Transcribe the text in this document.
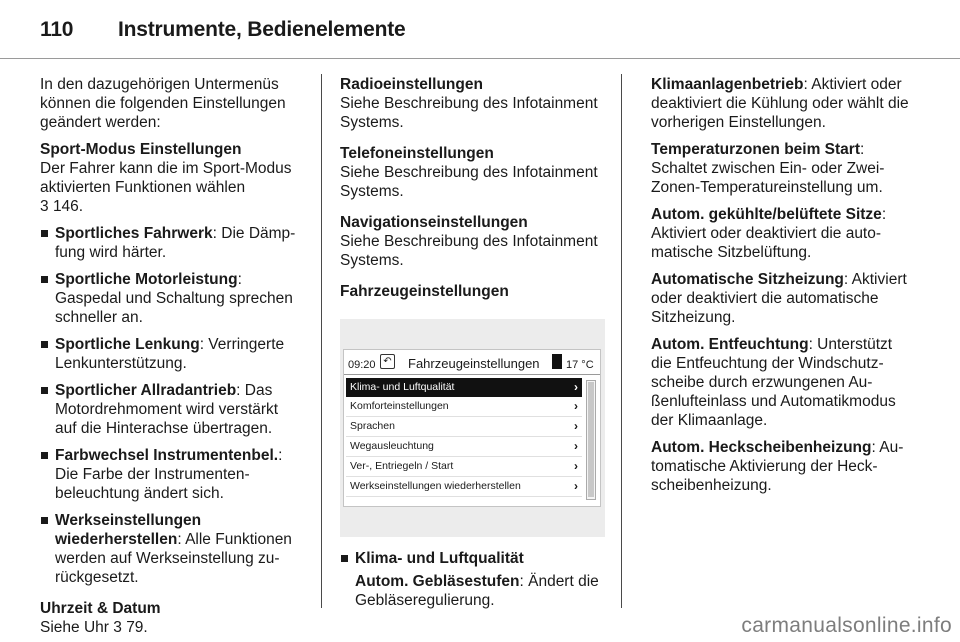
110 Instrumente, Bedienelemente

In den dazugehörigen Untermenüs können die folgenden Einstellungen geändert werden:

Sport-Modus Einstellungen
Der Fahrer kann die im Sport-Modus aktivierten Funktionen wählen
3 146.
Sportliches Fahrwerk: Die Dämpfung wird härter.
Sportliche Motorleistung: Gaspedal und Schaltung sprechen schneller an.
Sportliche Lenkung: Verringerte Lenkunterstützung.
Sportlicher Allradantrieb: Das Motordrehmoment wird verstärkt auf die Hinterachse übertragen.
Farbwechsel Instrumentenbel.: Die Farbe der Instrumentenbeleuchtung ändert sich.
Werkseinstellungen wiederherstellen: Alle Funktionen werden auf Werkseinstellung zurückgesetzt.
Uhrzeit & Datum
Siehe Uhr 3 79.
Radioeinstellungen
Siehe Beschreibung des Infotainment Systems.
Telefoneinstellungen
Siehe Beschreibung des Infotainment Systems.
Navigationseinstellungen
Siehe Beschreibung des Infotainment Systems.
Fahrzeugeinstellungen
09:20 ↶ Fahrzeugeinstellungen 17 °C
Klima- und Luftqualität	›
Komforteinstellungen	›
Sprachen	›
Wegausleuchtung	›
Ver-, Entriegeln / Start	›
Werkseinstellungen wiederherstellen	›
Klima- und Luftqualität
Autom. Gebläsestufen: Ändert die Gebläseregulierung.

Klimaanlagenbetrieb: Aktiviert oder deaktiviert die Kühlung oder wählt die vorherigen Einstellungen.

Temperaturzonen beim Start: Schaltet zwischen Ein- oder Zwei-Zonen-Temperatureinstellung um.

Autom. gekühlte/belüftete Sitze: Aktiviert oder deaktiviert die automatische Sitzbelüftung.

Automatische Sitzheizung: Aktiviert oder deaktiviert die automatische Sitzheizung.

Autom. Entfeuchtung: Unterstützt die Entfeuchtung der Windschutzscheibe durch erzwungenen Außenlufteinlass und Automatikmodus der Klimaanlage.

Autom. Heckscheibenheizung: Automatische Aktivierung der Heckscheibenheizung.

carmanualsonline.info
